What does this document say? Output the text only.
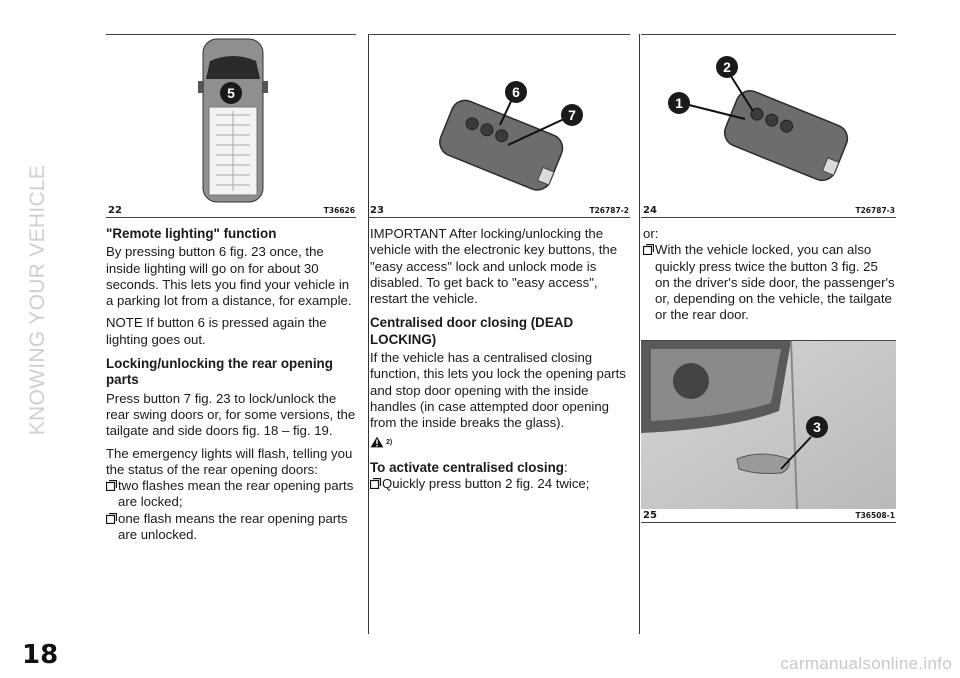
KNOWING YOUR VEHICLE
18	carmanualsonline.info
5
22	T36626
"Remote lighting" function

By pressing button 6 fig. 23 once, the inside lighting will go on for about 30 seconds. This lets you find your vehicle in a parking lot from a distance, for example.

NOTE If button 6 is pressed again the lighting goes out.

Locking/unlocking the rear opening parts

Press button 7 fig. 23 to lock/unlock the rear swing doors or, for some versions, the tailgate and side doors fig. 18 – fig. 19.

The emergency lights will flash, telling you the status of the rear opening doors:

two flashes mean the rear opening parts are locked;
one flash means the rear opening parts are unlocked.
6
7
23	T26787-2

IMPORTANT After locking/unlocking the vehicle with the electronic key buttons, the "easy access" lock and unlock mode is disabled. To get back to "easy access", restart the vehicle.

Centralised door closing (DEAD LOCKING)

If the vehicle has a centralised closing function, this lets you lock the opening parts and stop door opening with the inside handles (in case attempted door opening from the inside breaks the glass).

2)
To activate centralised closing:
Quickly press button 2 fig. 24 twice;
2
1
24	T26787-3

or:

With the vehicle locked, you can also quickly press twice the button 3 fig. 25 on the driver's side door, the passenger's or, depending on the vehicle, the tailgate or the rear door.
3
25	T36508-1
